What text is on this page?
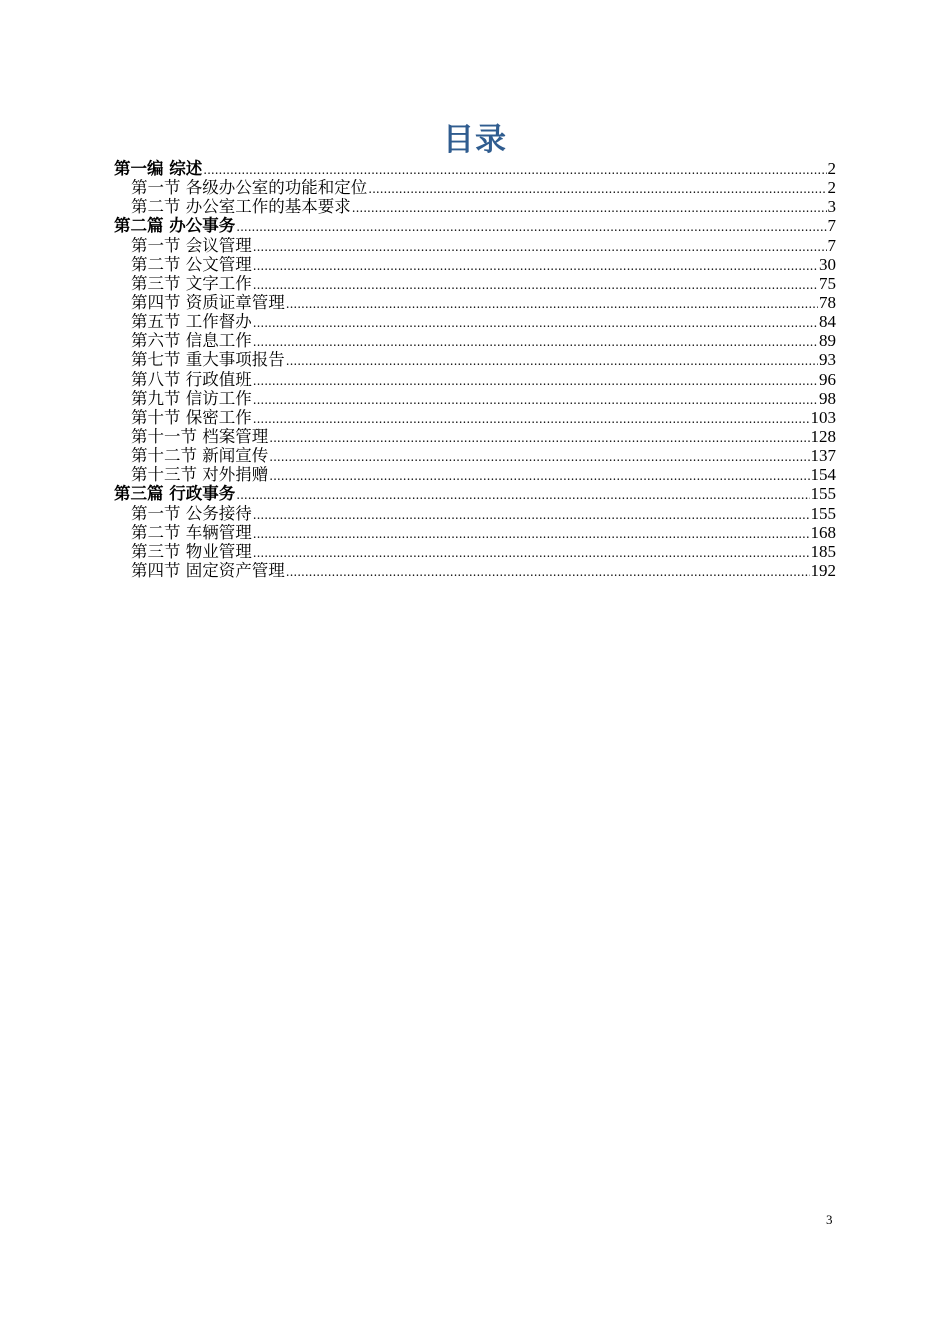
目录
第一编 综述 .....	2
第一节 各级办公室的功能和定位 .....	2
第二节 办公室工作的基本要求 .....	3
第二篇 办公事务 .....	7
第一节 会议管理 .....	7
第二节 公文管理 .....	30
第三节 文字工作 .....	75
第四节 资质证章管理 .....	78
第五节 工作督办 .....	84
第六节 信息工作 .....	89
第七节 重大事项报告 .....	93
第八节 行政值班 .....	96
第九节 信访工作 .....	98
第十节 保密工作 .....	103
第十一节 档案管理 .....	128
第十二节 新闻宣传 .....	137
第十三节 对外捐赠 .....	154
第三篇 行政事务 .....	155
第一节 公务接待 .....	155
第二节 车辆管理 .....	168
第三节 物业管理 .....	185
第四节 固定资产管理 .....	192
3
